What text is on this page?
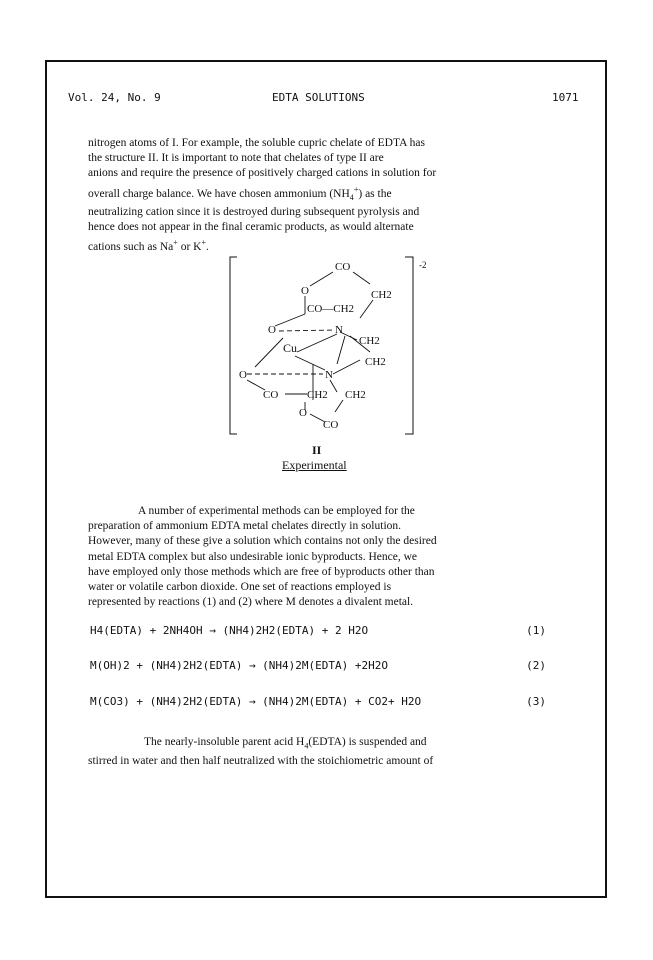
Vol. 24, No. 9	EDTA SOLUTIONS	1071
nitrogen atoms of I. For example, the soluble cupric chelate of EDTA has
the structure II. It is important to note that chelates of type II are
anions and require the presence of positively charged cations in solution for
overall charge balance. We have chosen ammonium $(NH_4^+)$ as the
neutralizing cation since it is destroyed during subsequent pyrolysis and
hence does not appear in the final ceramic products, as would alternate
cations such as Na+ or K+.
-2
CO
O	CH2
CO—CH2
O	N
CH2
Cu
CH2
O	N
CO	CH2 CH2
O
CO
II
Experimental
A number of experimental methods can be employed for the
preparation of ammonium EDTA metal chelates directly in solution.
However, many of these give a solution which contains not only the desired
metal EDTA complex but also undesirable ionic byproducts. Hence, we
have employed only those methods which are free of byproducts other than
water or volatile carbon dioxide. One set of reactions employed is
represented by reactions (1) and (2) where M denotes a divalent metal.
H4(EDTA) + 2NH4OH → (NH4)2H2(EDTA) + 2 H2O	(1)
M(OH)2 + (NH4)2H2(EDTA) → (NH4)2M(EDTA) +2H2O	(2)
M(CO3) + (NH4)2H2(EDTA) → (NH4)2M(EDTA) + CO2+ H2O	(3)
The nearly-insoluble parent acid $H_4(EDTA)$ is suspended and
stirred in water and then half neutralized with the stoichiometric amount of
